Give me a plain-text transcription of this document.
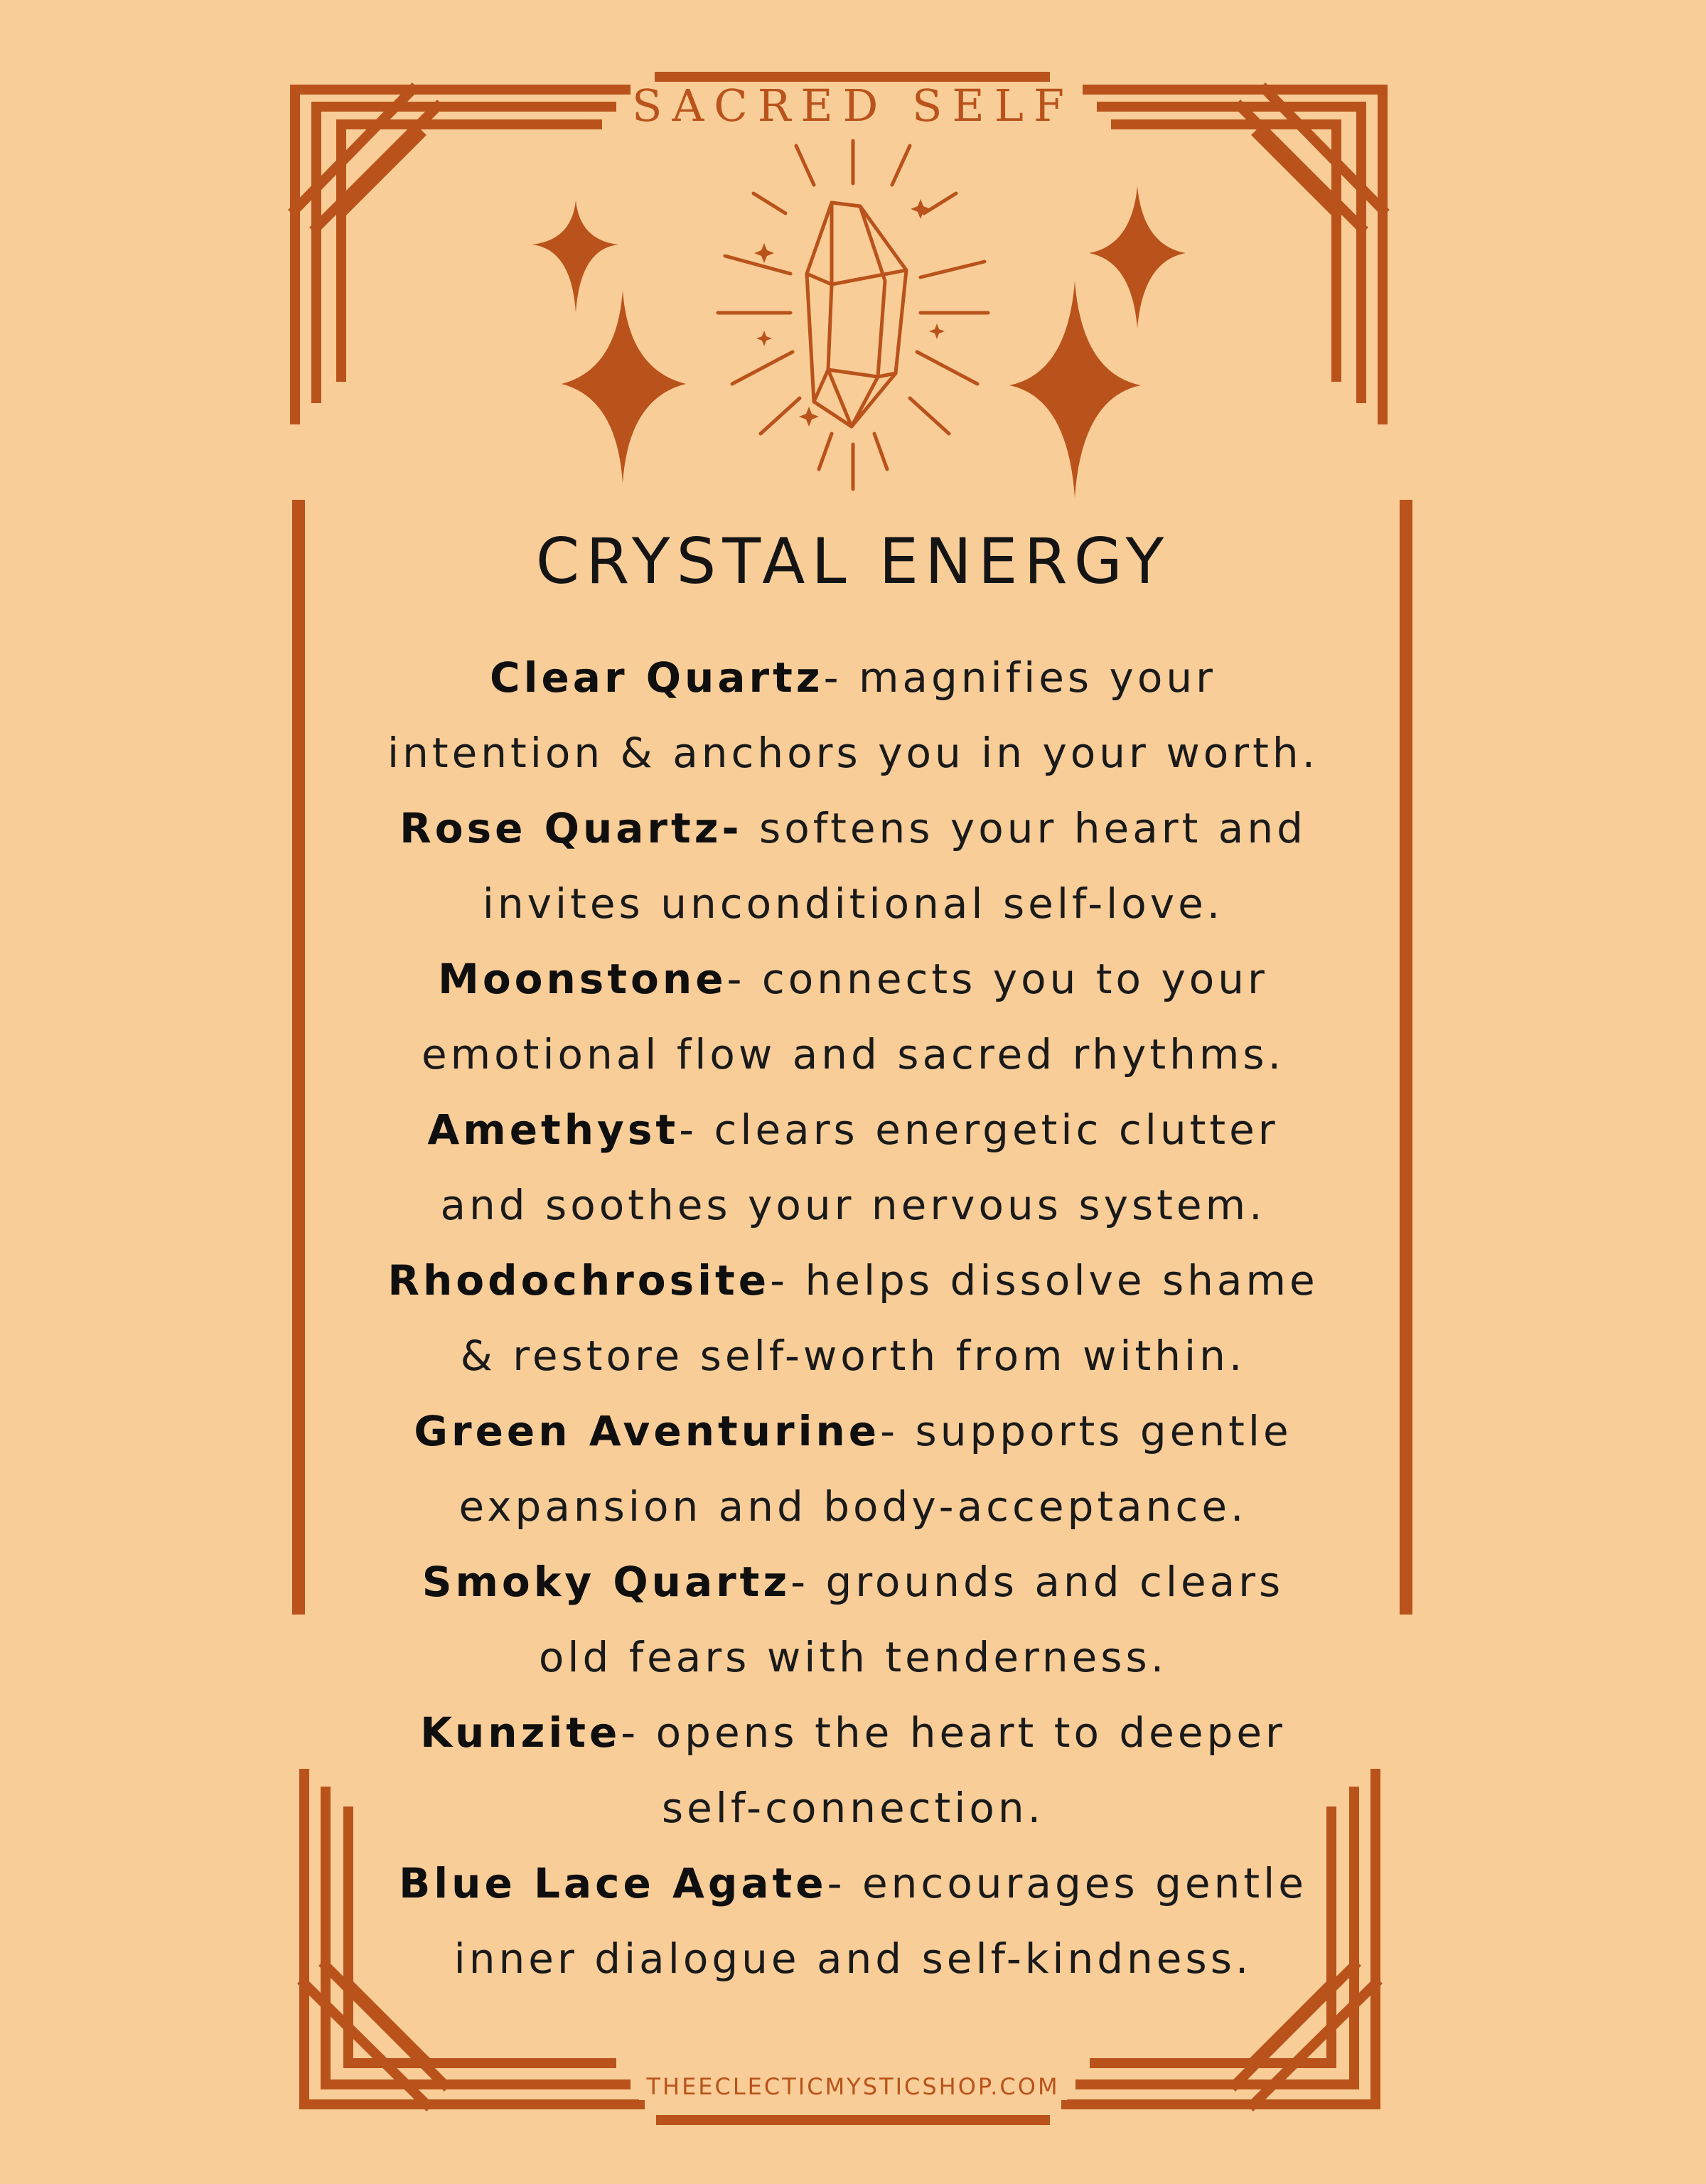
SACRED SELF
CRYSTAL ENERGY
Clear Quartz- magnifies your
intention & anchors you in your worth.
Rose Quartz- softens your heart and
invites unconditional self-love.
Moonstone- connects you to your
emotional flow and sacred rhythms.
Amethyst- clears energetic clutter
and soothes your nervous system.
Rhodochrosite- helps dissolve shame
& restore self-worth from within.
Green Aventurine- supports gentle
expansion and body-acceptance.
Smoky Quartz- grounds and clears
old fears with tenderness.
Kunzite- opens the heart to deeper
self-connection.
Blue Lace Agate- encourages gentle
inner dialogue and self-kindness.
THEECLECTICMYSTICSHOP.COM
